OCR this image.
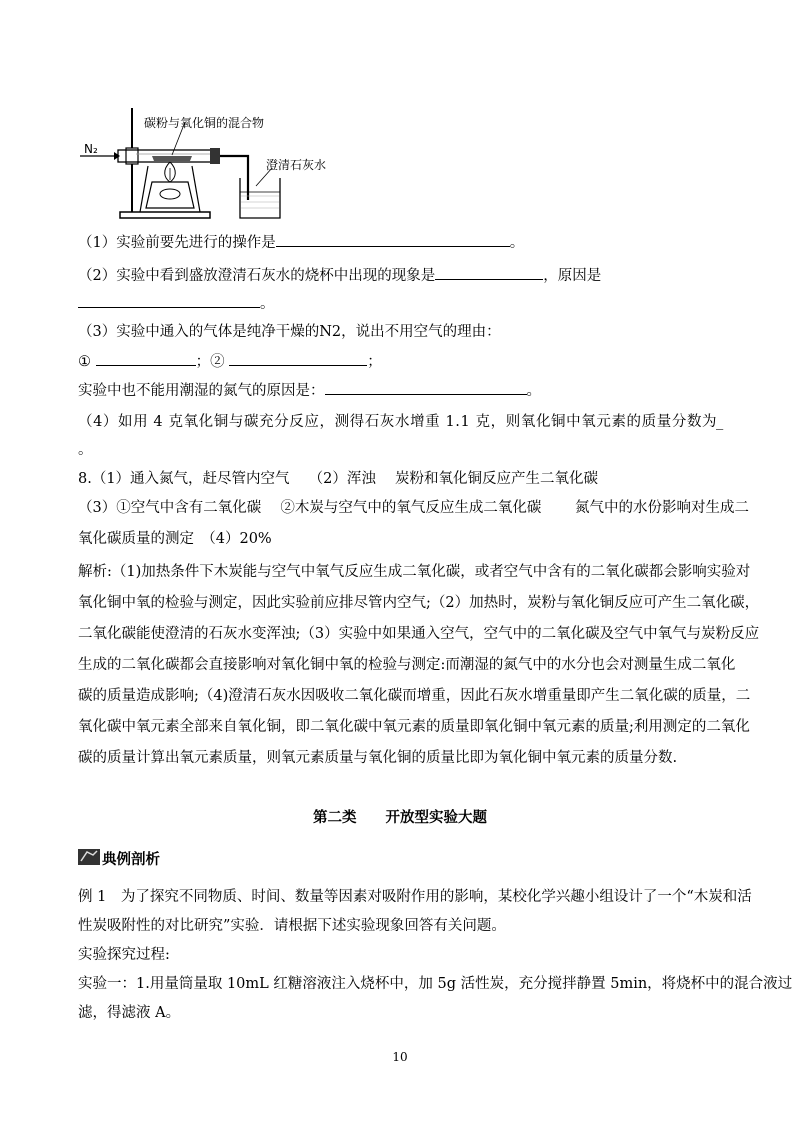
碳粉与氧化铜的混合物
N₂
澄清石灰水
（1）实验前要先进行的操作是	。
（2）实验中看到盛放澄清石灰水的烧杯中出现的现象是	，原因是
。
（3）实验中通入的气体是纯净干燥的N2，说出不用空气的理由：
①	；②	；
实验中也不能用潮湿的氮气的原因是：	。
（4）如用 4 克氧化铜与碳充分反应，测得石灰水增重 1.1 克，则氧化铜中氧元素的质量分数为
_
。
8.（1）通入氮气，赶尽管内空气　 （2）浑浊　 炭粉和氧化铜反应产生二氧化碳
（3）①空气中含有二氧化碳　 ②木炭与空气中的氧气反应生成二氧化碳　　 氮气中的水份影响对生成二
氧化碳质量的测定　（4）20%
解析:（1)加热条件下木炭能与空气中氧气反应生成二氧化碳，或者空气中含有的二氧化碳都会影响实验对
氧化铜中氧的检验与测定，因此实验前应排尽管内空气;（2）加热时，炭粉与氧化铜反应可产生二氧化碳，
二氧化碳能使澄清的石灰水变浑浊;（3）实验中如果通入空气，空气中的二氧化碳及空气中氧气与炭粉反应
生成的二氧化碳都会直接影响对氧化铜中氧的检验与测定:而潮湿的氮气中的水分也会对测量生成二氧化
碳的质量造成影响;（4)澄清石灰水因吸收二氧化碳而增重，因此石灰水增重量即产生二氧化碳的质量，二
氧化碳中氧元素全部来自氧化铜，即二氧化碳中氧元素的质量即氧化铜中氧元素的质量;利用测定的二氧化
碳的质量计算出氧元素质量，则氧元素质量与氧化铜的质量比即为氧化铜中氧元素的质量分数.
第二类　　开放型实验大题
典例剖析
例 1　为了探究不同物质、时间、数量等因素对吸附作用的影响，某校化学兴趣小组设计了一个“木炭和活
性炭吸附性的对比研究”实验．请根据下述实验现象回答有关问题。
实验探究过程:
实验一：1.用量筒量取 10mL 红糖溶液注入烧杯中，加 5g 活性炭，充分搅拌静置 5min，将烧杯中的混合液过
滤，得滤液 A。
10
